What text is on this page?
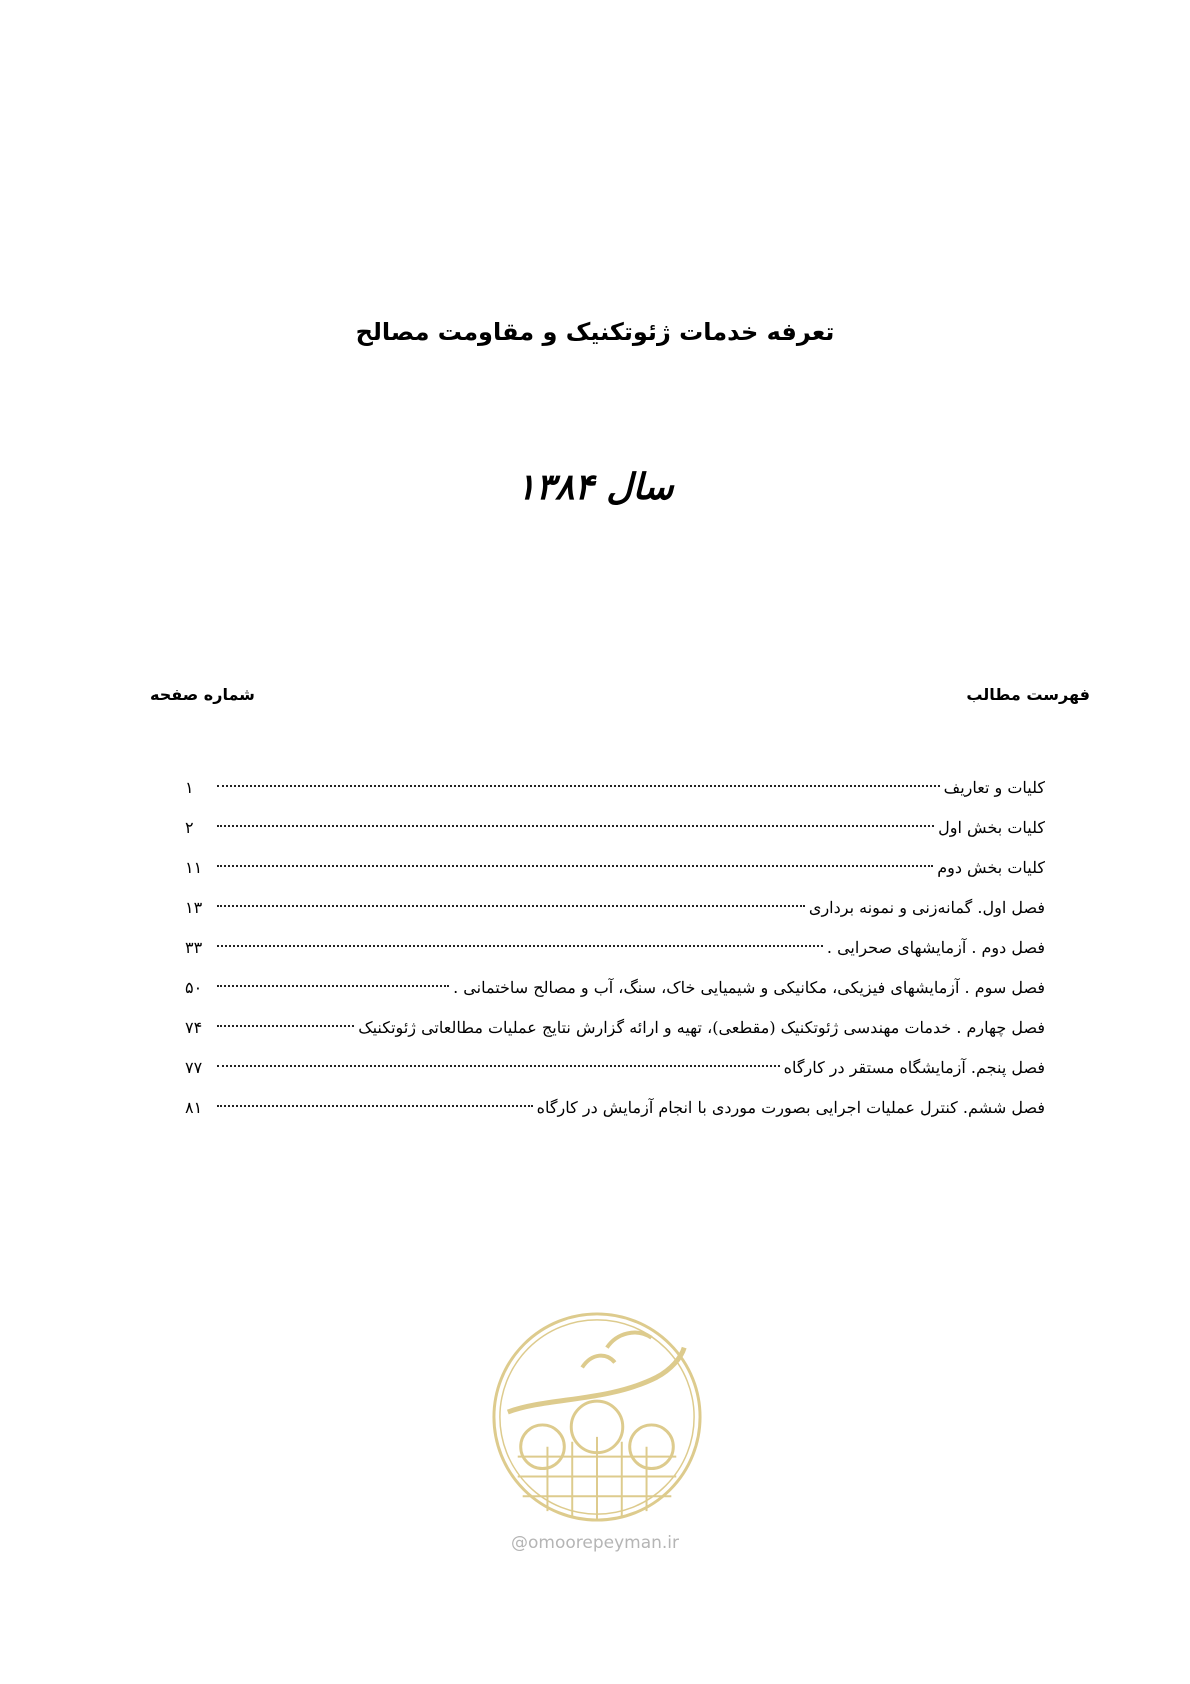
تعرفه خدمات ژئوتکنیک و مقاومت مصالح
سال ۱۳۸۴
فهرست مطالب
شماره صفحه
کلیات و تعاریف
۱
کلیات بخش اول
۲
کلیات بخش دوم
۱۱
فصل اول. گمانه‌زنی و نمونه برداری
۱۳
فصل دوم . آزمایشهای صحرایی .
۳۳
فصل سوم . آزمایشهای فیزیکی، مکانیکی و شیمیایی خاک، سنگ، آب و مصالح ساختمانی .
۵۰
فصل چهارم . خدمات مهندسی ژئوتکنیک (مقطعی)، تهیه و ارائه گزارش نتایج عملیات مطالعاتی ژئوتکنیک
۷۴
فصل پنجم. آزمایشگاه مستقر در کارگاه
۷۷
فصل ششم. کنترل عملیات اجرایی بصورت موردی با انجام آزمایش در کارگاه
۸۱
@omoorepeyman.ir
